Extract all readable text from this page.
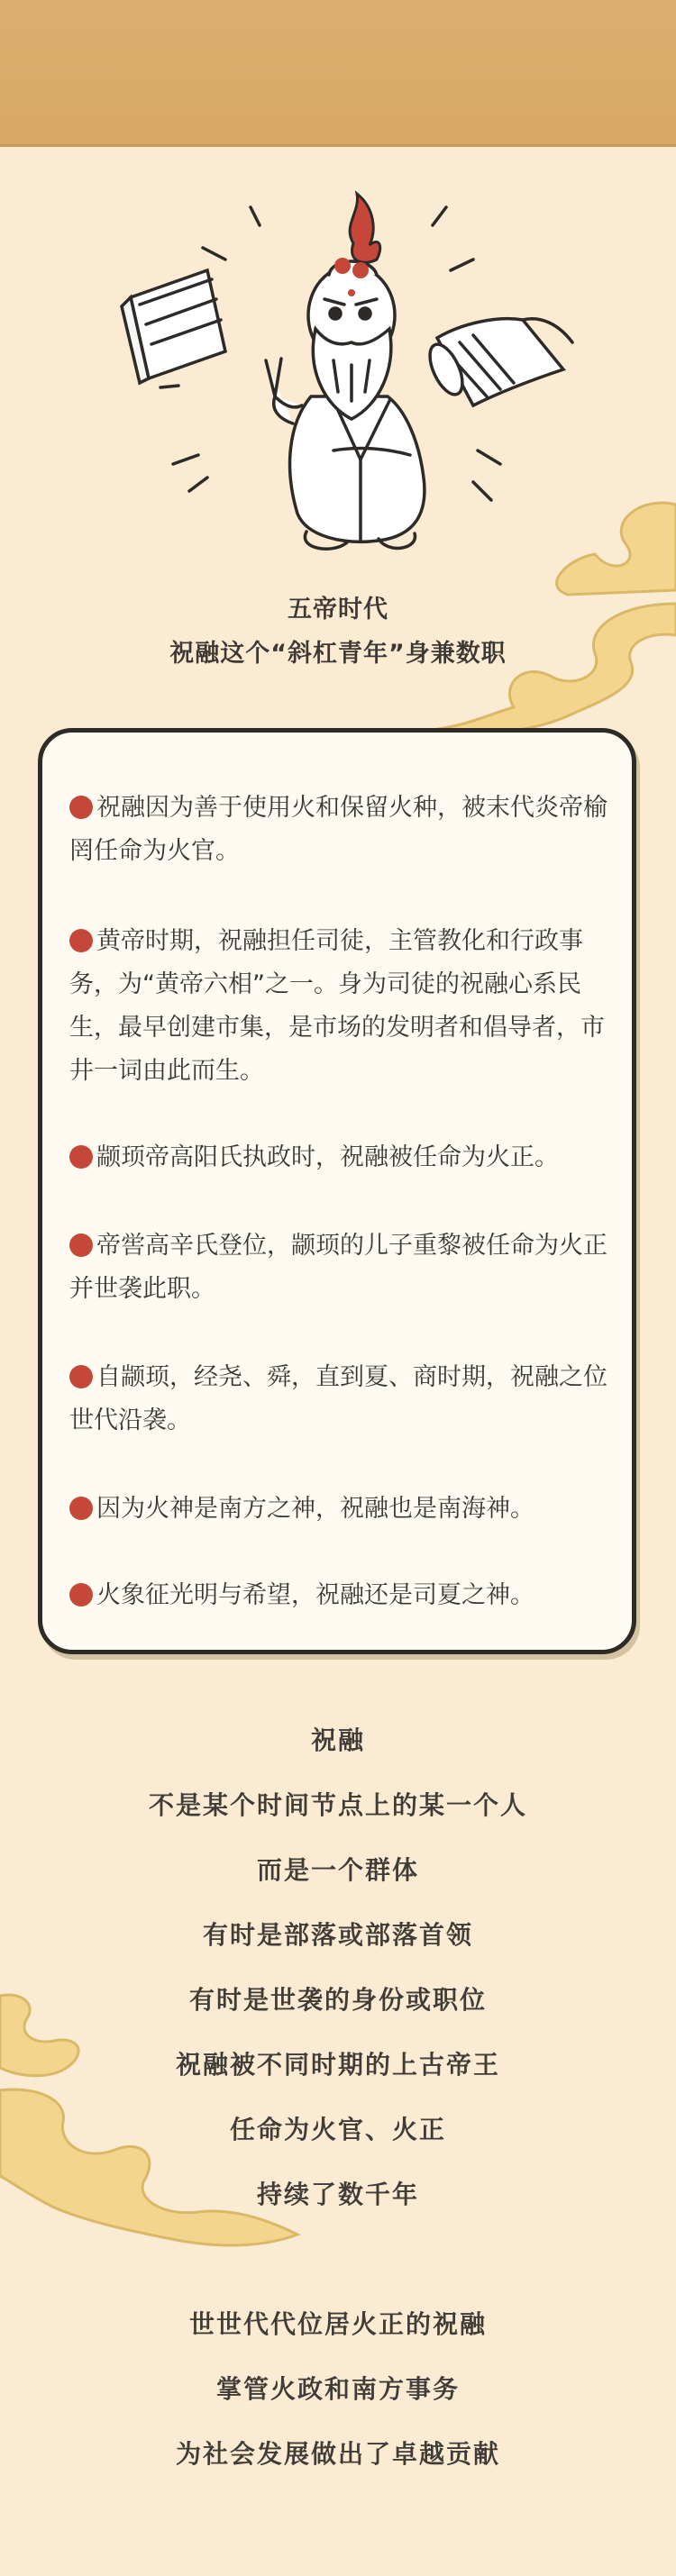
五帝时代
祝融这个“斜杠青年”身兼数职
祝融因为善于使用火和保留火种，被末代炎帝榆罔任命为火官。
黄帝时期，祝融担任司徒，主管教化和行政事务，为“黄帝六相”之一。身为司徒的祝融心系民生，最早创建市集，是市场的发明者和倡导者，市井一词由此而生。
颛顼帝高阳氏执政时，祝融被任命为火正。
帝喾高辛氏登位，颛顼的儿子重黎被任命为火正并世袭此职。
自颛顼，经尧、舜，直到夏、商时期，祝融之位世代沿袭。
因为火神是南方之神，祝融也是南海神。
火象征光明与希望，祝融还是司夏之神。
祝融
不是某个时间节点上的某一个人
而是一个群体
有时是部落或部落首领
有时是世袭的身份或职位
祝融被不同时期的上古帝王
任命为火官、火正
持续了数千年
世世代代位居火正的祝融
掌管火政和南方事务
为社会发展做出了卓越贡献
